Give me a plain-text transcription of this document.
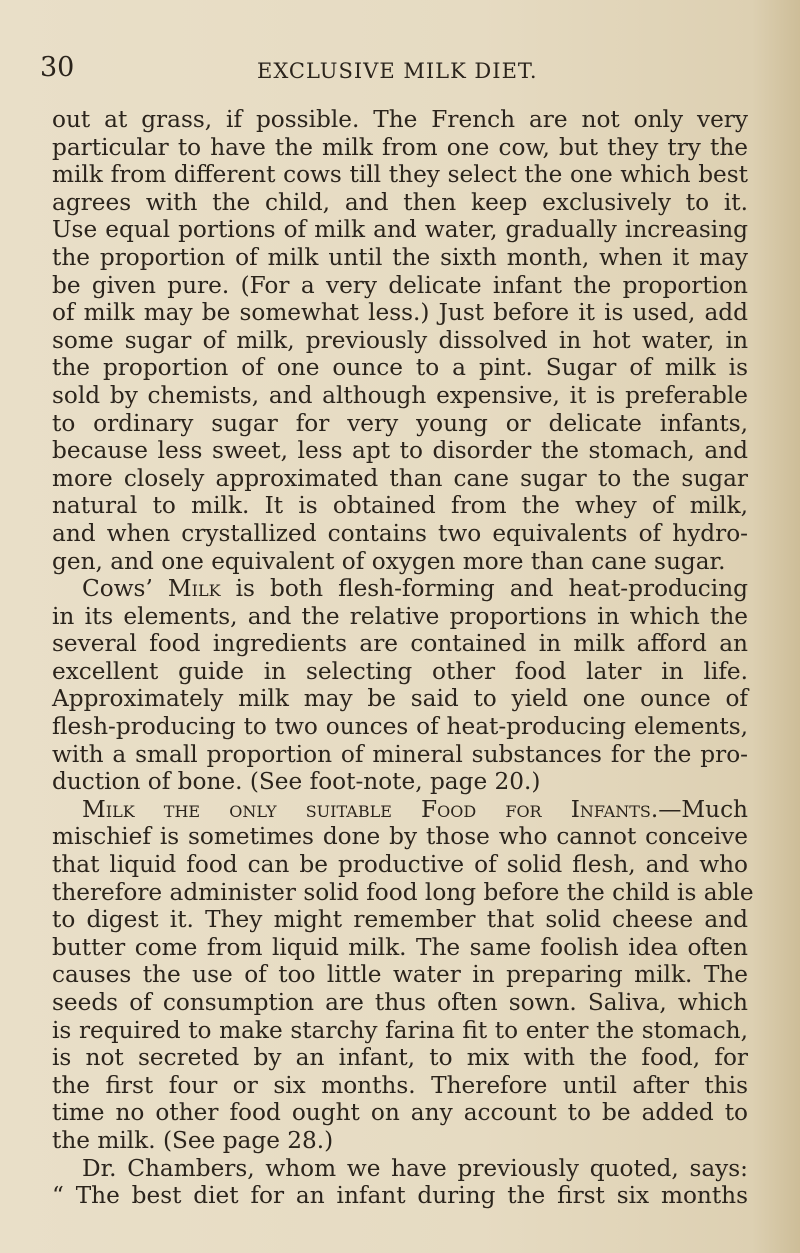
30	EXCLUSIVE MILK DIET.
out at grass, if possible. The French are not only very
particular to have the milk from one cow, but they try the
milk from different cows till they select the one which best
agrees with the child, and then keep exclusively to it.
Use equal portions of milk and water, gradually increasing
the proportion of milk until the sixth month, when it may
be given pure. (For a very delicate infant the proportion
of milk may be somewhat less.) Just before it is used, add
some sugar of milk, previously dissolved in hot water, in
the proportion of one ounce to a pint. Sugar of milk is
sold by chemists, and although expensive, it is preferable
to ordinary sugar for very young or delicate infants,
because less sweet, less apt to disorder the stomach, and
more closely approximated than cane sugar to the sugar
natural to milk. It is obtained from the whey of milk,
and when crystallized contains two equivalents of hydro-
gen, and one equivalent of oxygen more than cane sugar.
Cows’ Milk is both flesh-forming and heat-producing
in its elements, and the relative proportions in which the
several food ingredients are contained in milk afford an
excellent guide in selecting other food later in life.
Approximately milk may be said to yield one ounce of
flesh-producing to two ounces of heat-producing elements,
with a small proportion of mineral substances for the pro-
duction of bone. (See foot-note, page 20.)
Milk the only suitable Food for Infants.—Much
mischief is sometimes done by those who cannot conceive
that liquid food can be productive of solid flesh, and who
therefore administer solid food long before the child is able
to digest it. They might remember that solid cheese and
butter come from liquid milk. The same foolish idea often
causes the use of too little water in preparing milk. The
seeds of consumption are thus often sown. Saliva, which
is required to make starchy farina fit to enter the stomach,
is not secreted by an infant, to mix with the food, for
the first four or six months. Therefore until after this
time no other food ought on any account to be added to
the milk. (See page 28.)
Dr. Chambers, whom we have previously quoted, says:
“ The best diet for an infant during the first six months
